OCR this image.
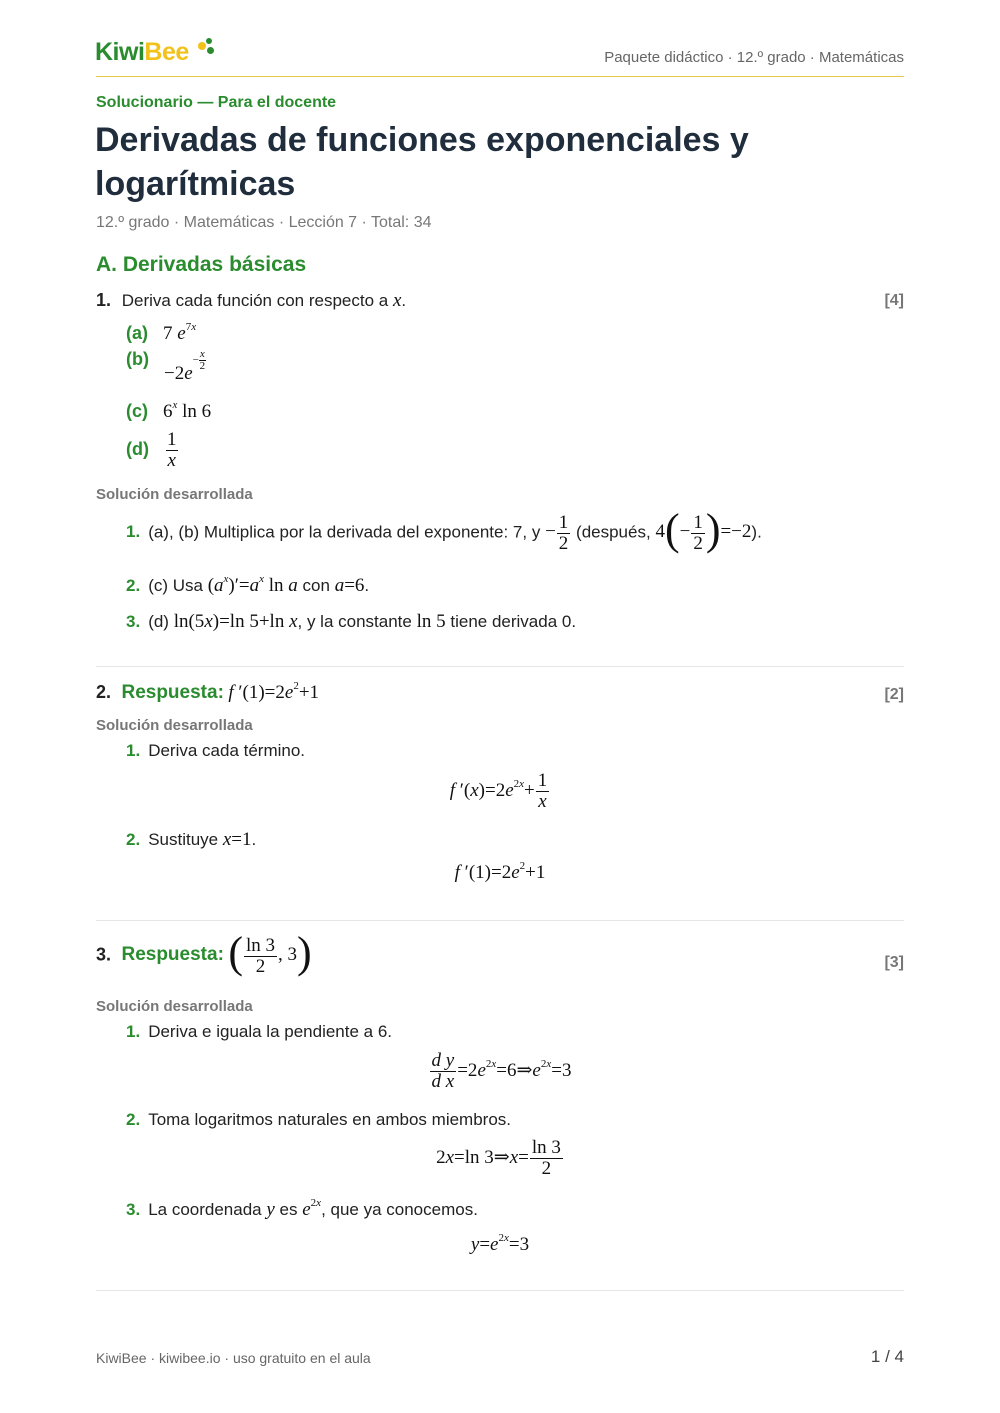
KiwiBee	Paquete didáctico · 12.º grado · Matemáticas
Solucionario — Para el docente
Derivadas de funciones exponenciales y
logarítmicas
12.º grado · Matemáticas · Lección 7 · Total: 34
A. Derivadas básicas
1. Deriva cada función con respecto a x.	[4]
(a) 7 $e^{7x}$
$(b) -2e- \frac{x}{2}$
(c) 6$^x$ ln 6
$(d) \frac{1}{x}$
Solución desarrollada
1. (a), (b) Multiplica por la derivada del exponente: 7, $y - \frac{1}{2}$ (después, $4(- \frac{1}{2} )=-2$).
2. (c) Usa $(a^x)'=a^x$ ln a con a=6.
3. (d) ln(5x)=ln 5+ln x, y la constante ln 5 tiene derivada 0.
2. Respuesta: f $'(1)=2e^2+1$	[2]
Solución desarrollada
1. Deriva cada término.
f $'(x)=2e^{2x}+ \frac{1}{x}$
2. Sustituye x=1.
f $'(1)=2e^2+1$
3. Respuesta: ( $\frac{\ln 3}{2}$ , 3)	[3]
Solución desarrollada
1. Deriva e iguala la pendiente a 6.
$\frac{\text{d y}}{\text{d x}}$ $=2e^{2x}=6\Rightarrow e^{2x}=3$
2. Toma logaritmos naturales en ambos miembros.
2x=ln 3⇒x= $\frac{\ln 3}{2}$
3. La coordenada y es $e^{2x}$, que ya conocemos.
$y=e^{2x}=3$
KiwiBee · kiwibee.io · uso gratuito en el aula	1 / 4
